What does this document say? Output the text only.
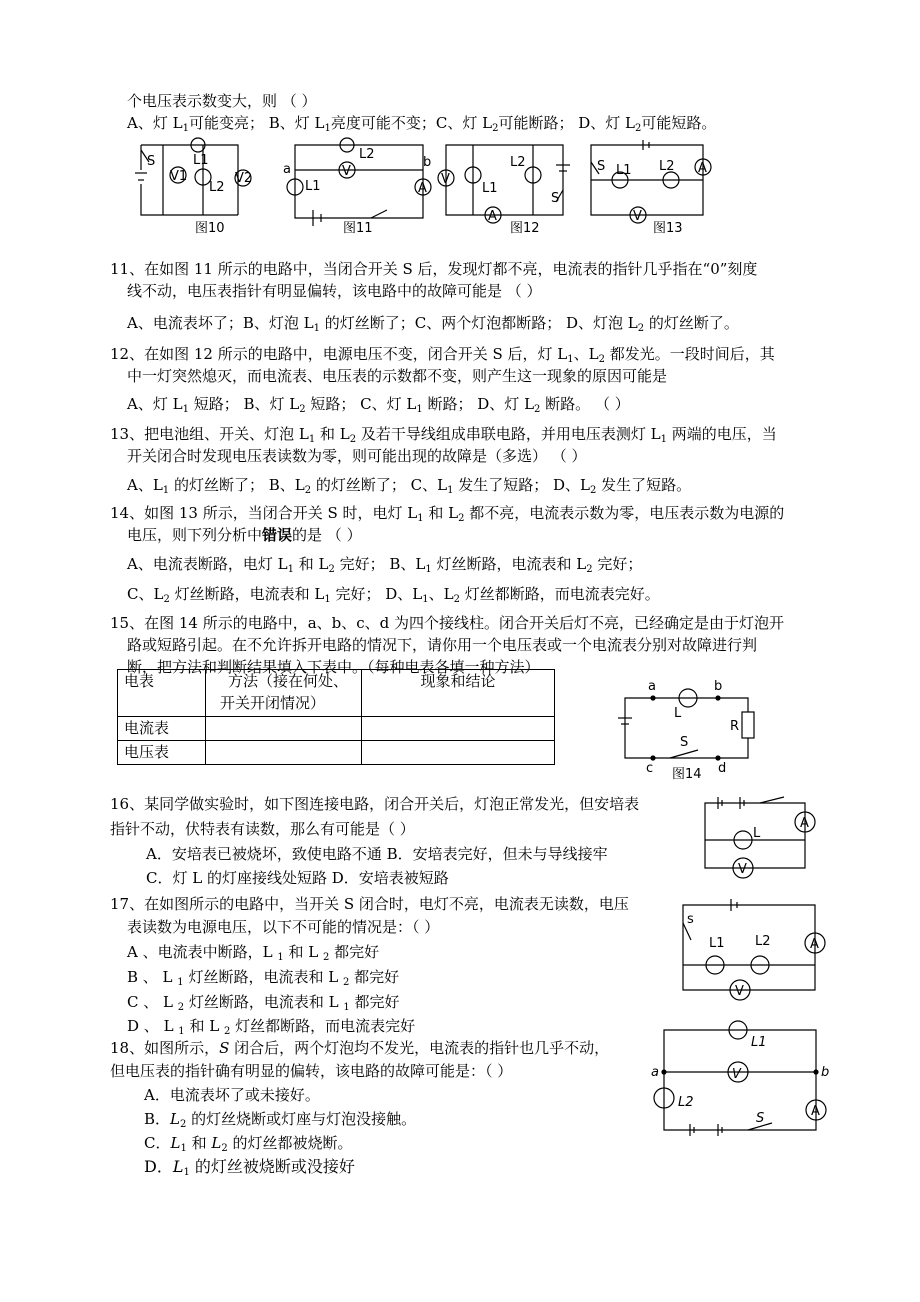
个电压表示数变大，则 （ ）
A、灯 $L_1$可能变亮； B、灯 $L_1$亮度可能不变；C、灯 $L_2$可能断路； D、灯 $L_2$可能短路。
S
V1	V2
L1
L2
图10
L2
V
A
L1
a	b
图11
V
L1
L2
S
A
图12
S L1 L2 A
V
图13
11、在如图 11 所示的电路中，当闭合开关 S 后，发现灯都不亮，电流表的指针几乎指在“0”刻度
线不动，电压表指针有明显偏转，该电路中的故障可能是 （ ）
A、电流表坏了；B、灯泡 $L_1$ 的灯丝断了；C、两个灯泡都断路； D、灯泡 $L_2$ 的灯丝断了。
12、在如图 12 所示的电路中，电源电压不变，闭合开关 S 后，灯 $L_1$、$L_2$ 都发光。一段时间后，其
中一灯突然熄灭，而电流表、电压表的示数都不变，则产生这一现象的原因可能是
A、灯 $L_1$ 短路； B、灯 $L_2$ 短路； C、灯 $L_1$ 断路； D、灯 $L_2$ 断路。 （ ）
13、把电池组、开关、灯泡 $L_1$ 和 $L_2$ 及若干导线组成串联电路，并用电压表测灯 $L_1$ 两端的电压，当
开关闭合时发现电压表读数为零，则可能出现的故障是（多选） （ ）
A、$L_1$ 的灯丝断了； B、$L_2$ 的灯丝断了； C、$L_1$ 发生了短路； D、$L_2$ 发生了短路。
14、如图 13 所示，当闭合开关 S 时，电灯 $L_1$ 和 $L_2$ 都不亮，电流表示数为零，电压表示数为电源的
电压，则下列分析中错误的是 （ ）
A、电流表断路，电灯 $L_1$ 和 $L_2$ 完好； B、$L_1$ 灯丝断路，电流表和 $L_2$ 完好；
C、$L_2$ 灯丝断路，电流表和 $L_1$ 完好； D、$L_1$、$L_2$ 灯丝都断路，而电流表完好。
15、在图 14 所示的电路中，a、b、c、d 为四个接线柱。闭合开关后灯不亮，已经确定是由于灯泡开
路或短路引起。在不允许拆开电路的情况下，请你用一个电压表或一个电流表分别对故障进行判
断，把方法和判断结果填入下表中。（每种电表各填一种方法）
电表	方法（接在何处、
开关开闭情况）	现象和结论
电流表		
电压表		
a	b
c	d
L
R
S
图14
16、某同学做实验时，如下图连接电路，闭合开关后，灯泡正常发光，但安培表
指针不动，伏特表有读数，那么有可能是（ ）
A．安培表已被烧坏，致使电路不通 B．安培表完好，但未与导线接牢
C．灯 L 的灯座接线处短路 D．安培表被短路
L
A
V
17、在如图所示的电路中，当开关 S 闭合时，电灯不亮，电流表无读数，电压
表读数为电源电压，以下不可能的情况是：（ ）
A 、电流表中断路，L $_1$ 和 L $_2$ 都完好
B 、 L $_1$ 灯丝断路，电流表和 L $_2$ 都完好
C 、 L $_2$ 灯丝断路，电流表和 L $_1$ 都完好
D 、 L $_1$ 和 L $_2$ 灯丝都断路，而电流表完好
s
L1 L2	A
V
18、如图所示，S 闭合后，两个灯泡均不发光，电流表的指针也几乎不动，
但电压表的指针确有明显的偏转，该电路的故障可能是：（ ）
A．电流表坏了或未接好。
B．$L_2$ 的灯丝烧断或灯座与灯泡没接触。
C．$L_1$ 和 $L_2$ 的灯丝都被烧断。
D．$L_1$ 的灯丝被烧断或没接好
L1
L2
V
A
a	b
S
